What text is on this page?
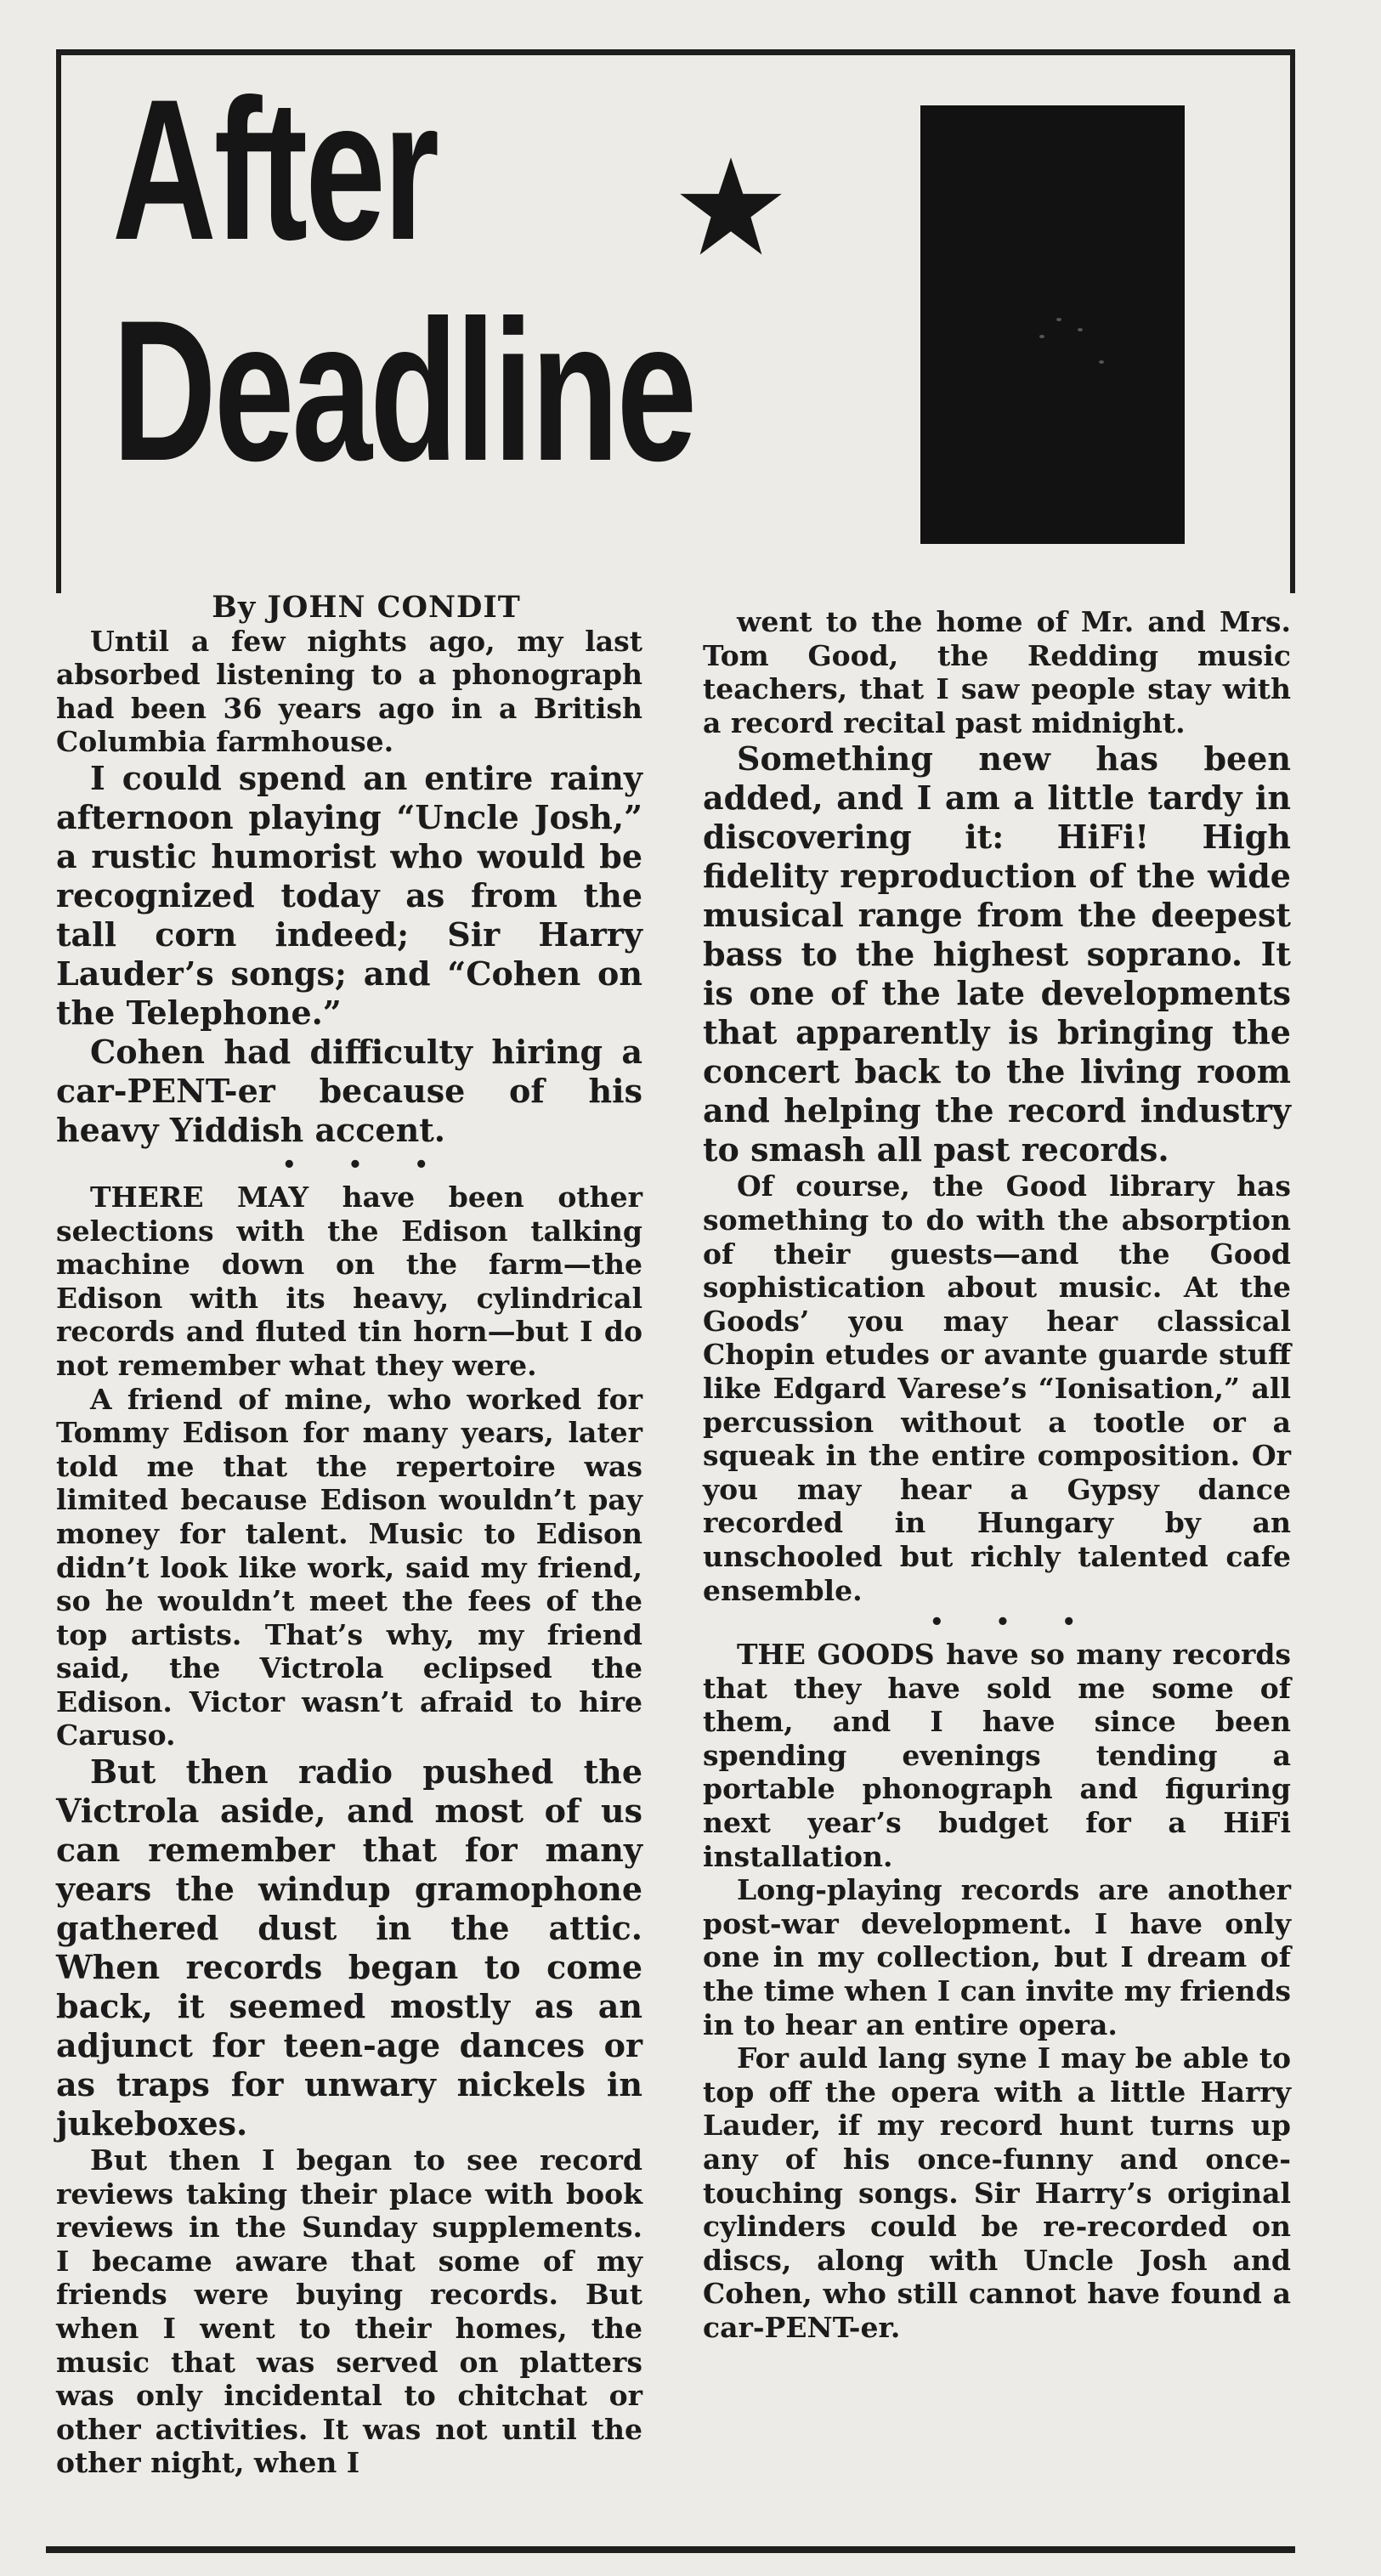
After
Deadline

By JOHN CONDIT

Until a few nights ago, my last absorbed listening to a phonograph had been 36 years ago in a British Columbia farmhouse.

I could spend an entire rainy afternoon playing “Uncle Josh,” a rustic humorist who would be recognized today as from the tall corn indeed; Sir Harry Lauder’s songs; and “Cohen on the Telephone.”

Cohen had difficulty hiring a car-PENT-er because of his heavy Yiddish accent.

• • •

THERE MAY have been other selections with the Edison talking machine down on the farm—the Edison with its heavy, cylindrical records and fluted tin horn—but I do not remember what they were.

A friend of mine, who worked for Tommy Edison for many years, later told me that the repertoire was limited because Edison wouldn’t pay money for talent. Music to Edison didn’t look like work, said my friend, so he wouldn’t meet the fees of the top artists. That’s why, my friend said, the Victrola eclipsed the Edison. Victor wasn’t afraid to hire Caruso.

But then radio pushed the Victrola aside, and most of us can remember that for many years the windup gramophone gathered dust in the attic. When records began to come back, it seemed mostly as an adjunct for teen-age dances or as traps for unwary nickels in jukeboxes.

But then I began to see record reviews taking their place with book reviews in the Sunday supplements. I became aware that some of my friends were buying records. But when I went to their homes, the music that was served on platters was only incidental to chitchat or other activities. It was not until the other night, when I

went to the home of Mr. and Mrs. Tom Good, the Redding music teachers, that I saw people stay with a record recital past midnight.

Something new has been added, and I am a little tardy in discovering it: HiFi! High fidelity reproduction of the wide musical range from the deepest bass to the highest soprano. It is one of the late developments that apparently is bringing the concert back to the living room and helping the record industry to smash all past records.

Of course, the Good library has something to do with the absorption of their guests—and the Good sophistication about music. At the Goods’ you may hear classical Chopin etudes or avante guarde stuff like Edgard Varese’s “Ionisation,” all percussion without a tootle or a squeak in the entire composition. Or you may hear a Gypsy dance recorded in Hungary by an unschooled but richly talented cafe ensemble.

• • •

THE GOODS have so many records that they have sold me some of them, and I have since been spending evenings tending a portable phonograph and figuring next year’s budget for a HiFi installation.

Long-playing records are another post-war development. I have only one in my collection, but I dream of the time when I can invite my friends in to hear an entire opera.

For auld lang syne I may be able to top off the opera with a little Harry Lauder, if my record hunt turns up any of his once-funny and once-touching songs. Sir Harry’s original cylinders could be re-recorded on discs, along with Uncle Josh and Cohen, who still cannot have found a car-PENT-er.
